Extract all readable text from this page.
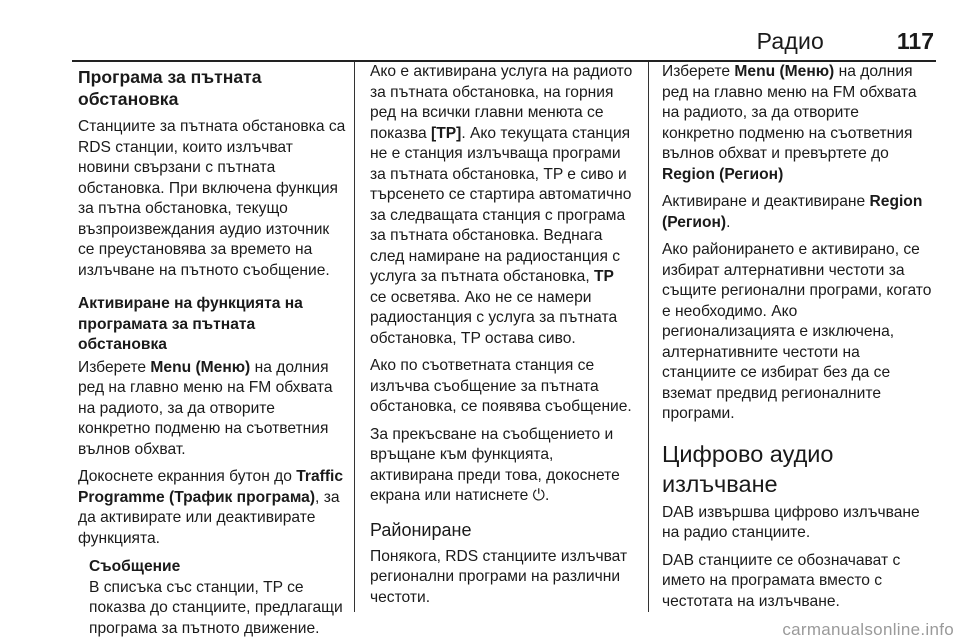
Радио	117
Програма за пътната обстановка

Станциите за пътната обстановка са RDS станции, които излъчват новини свързани с пътната обстановка. При включена функция за пътна обстановка, текущо възпроизвеждания аудио източник се преустановява за времето на излъчване на пътното съобщение.

Активиране на функцията на програмата за пътната обстановка

Изберете Menu (Меню) на долния ред на главно меню на FM обхвата на радиото, за да отворите конкретно подменю на съответния вълнов обхват.

Докоснете екранния бутон до Traffic Programme (Трафик програма), за да активирате или деактивирате функцията.

Съобщение
В списъка със станции, TP се показва до станциите, предлагащи програма за пътното движение.

Ако е активирана услуга на радиото за пътната обстановка, на горния ред на всички главни менюта се показва [TP]. Ако текущата станция не е станция излъчваща програми за пътната обстановка, TP е сиво и търсенето се стартира автоматично за следващата станция с програма за пътната обстановка. Веднага след намиране на радиостанция с услуга за пътната обстановка, TP се осветява. Ако не се намери радиостанция с услуга за пътната обстановка, TP остава сиво.

Ако по съответната станция се излъчва съобщение за пътната обстановка, се появява съобщение.

За прекъсване на съобщението и връщане към функцията, активирана преди това, докоснете екрана или натиснете ⏻.

Райониране

Понякога, RDS станциите излъчват регионални програми на различни честоти.

Изберете Menu (Меню) на долния ред на главно меню на FM обхвата на радиото, за да отворите конкретно подменю на съответния вълнов обхват и превъртете до Region (Регион)

Активиране и деактивиране Region (Регион).

Ако районирането е активирано, се избират алтернативни честоти за същите регионални програми, когато е необходимо. Ако регионализацията е изключена, алтернативните честоти на станциите се избират без да се вземат предвид регионалните програми.

Цифрово аудио излъчване

DAB извършва цифрово излъчване на радио станциите.

DAB станциите се обозначават с името на програмата вместо с честотата на излъчване.

carmanualsonline.info
